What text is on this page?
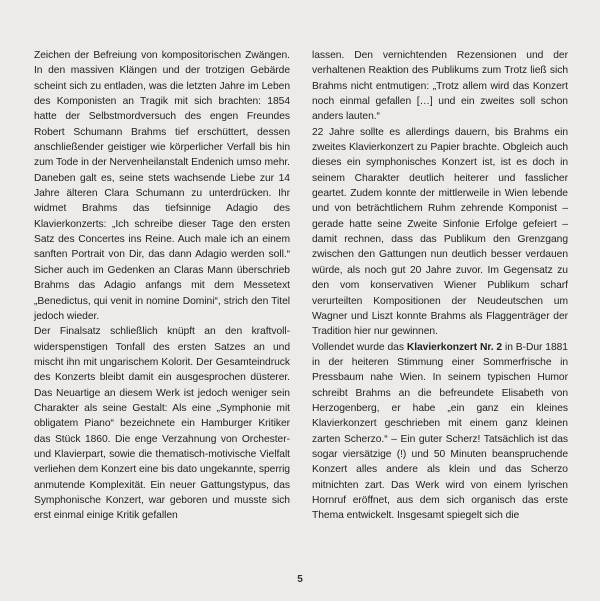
Zeichen der Befreiung von kompositorischen Zwängen. In den massiven Klängen und der trotzigen Gebärde scheint sich zu entladen, was die letzten Jahre im Leben des Komponisten an Tragik mit sich brachten: 1854 hatte der Selbstmordversuch des engen Freundes Robert Schumann Brahms tief erschüttert, dessen anschließender geistiger wie körperlicher Verfall bis hin zum Tode in der Nervenheilanstalt Endenich umso mehr. Daneben galt es, seine stets wachsende Liebe zur 14 Jahre älteren Clara Schumann zu unterdrücken. Ihr widmet Brahms das tiefsinnige Adagio des Klavierkonzerts: „Ich schreibe dieser Tage den ersten Satz des Concertes ins Reine. Auch male ich an einem sanften Portrait von Dir, das dann Adagio werden soll.“ Sicher auch im Gedenken an Claras Mann überschrieb Brahms das Adagio anfangs mit dem Messetext „Benedictus, qui venit in nomine Domini“, strich den Titel jedoch wieder.

Der Finalsatz schließlich knüpft an den kraftvoll-widerspenstigen Tonfall des ersten Satzes an und mischt ihn mit ungarischem Kolorit. Der Gesamteindruck des Konzerts bleibt damit ein ausgesprochen düsterer. Das Neuartige an diesem Werk ist jedoch weniger sein Charakter als seine Gestalt: Als eine „Symphonie mit obligatem Piano“ bezeichnete ein Hamburger Kritiker das Stück 1860. Die enge Verzahnung von Orchester- und Klavierpart, sowie die thematisch-motivische Vielfalt verliehen dem Konzert eine bis dato ungekannte, sperrig anmutende Komplexität. Ein neuer Gattungstypus, das Symphonische Konzert, war geboren und musste sich erst einmal einige Kritik gefallen

lassen. Den vernichtenden Rezensionen und der verhaltenen Reaktion des Publikums zum Trotz ließ sich Brahms nicht entmutigen: „Trotz allem wird das Konzert noch einmal gefallen […] und ein zweites soll schon anders lauten.“

22 Jahre sollte es allerdings dauern, bis Brahms ein zweites Klavierkonzert zu Papier brachte. Obgleich auch dieses ein symphonisches Konzert ist, ist es doch in seinem Charakter deutlich heiterer und fasslicher geartet. Zudem konnte der mittlerweile in Wien lebende und von beträchtlichem Ruhm zehrende Komponist – gerade hatte seine Zweite Sinfonie Erfolge gefeiert – damit rechnen, dass das Publikum den Grenzgang zwischen den Gattungen nun deutlich besser verdauen würde, als noch gut 20 Jahre zuvor. Im Gegensatz zu den vom konservativen Wiener Publikum scharf verurteilten Kompositionen der Neudeutschen um Wagner und Liszt konnte Brahms als Flaggenträger der Tradition hier nur gewinnen.

Vollendet wurde das Klavierkonzert Nr. 2 in B-Dur 1881 in der heiteren Stimmung einer Sommerfrische in Pressbaum nahe Wien. In seinem typischen Humor schreibt Brahms an die befreundete Elisabeth von Herzogenberg, er habe „ein ganz ein kleines Klavierkonzert geschrieben mit einem ganz kleinen zarten Scherzo.“ – Ein guter Scherz! Tatsächlich ist das sogar viersätzige (!) und 50 Minuten beanspruchende Konzert alles andere als klein und das Scherzo mitnichten zart. Das Werk wird von einem lyrischen Hornruf eröffnet, aus dem sich organisch das erste Thema entwickelt. Insgesamt spiegelt sich die

5
